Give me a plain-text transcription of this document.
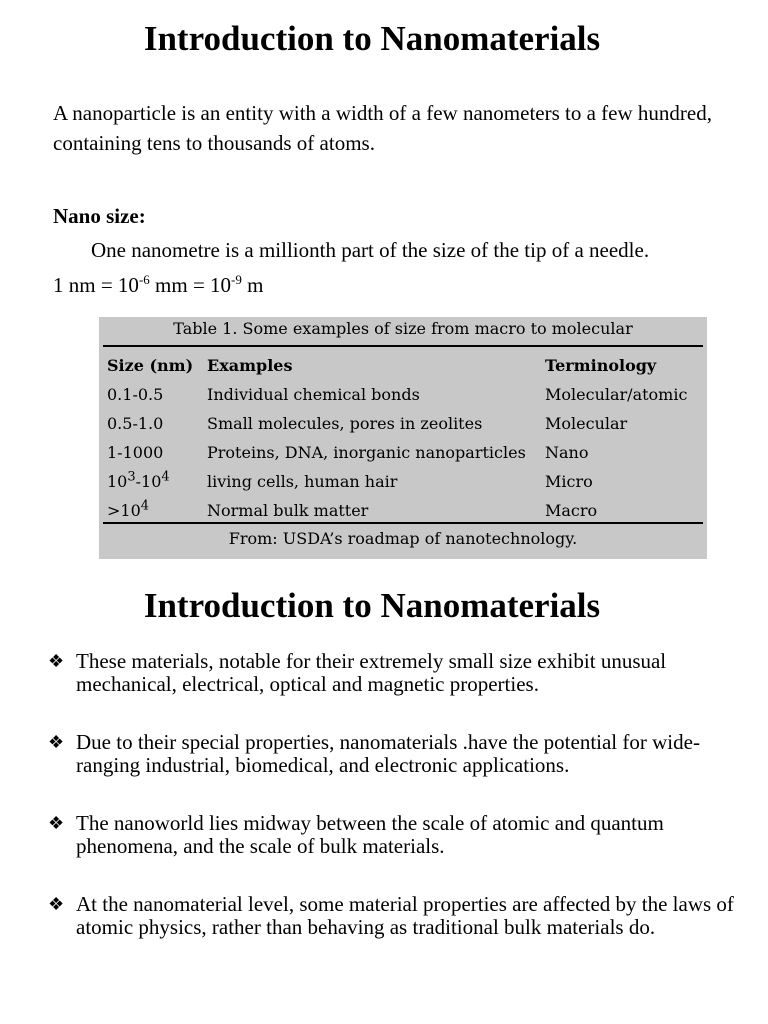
Introduction to Nanomaterials

A nanoparticle is an entity with a width of a few nanometers to a few hundred, containing tens to thousands of atoms.

Nano size:

One nanometre is a millionth part of the size of the tip of a needle.

1 nm = $10^{-6}$ mm = $10^{-9}$ m

Table 1. Some examples of size from macro to molecular
Size (nm)	Examples	Terminology
0.1-0.5	Individual chemical bonds	Molecular/atomic
0.5-1.0	Small molecules, pores in zeolites	Molecular
1-1000	Proteins, DNA, inorganic nanoparticles	Nano
$10^3-10^4$	living cells, human hair	Micro
$>10^4$	Normal bulk matter	Macro
From: USDA’s roadmap of nanotechnology.
Introduction to Nanomaterials
❖ These materials, notable for their extremely small size exhibit unusual mechanical, electrical, optical and magnetic properties.
❖ Due to their special properties, nanomaterials .have the potential for wide-ranging industrial, biomedical, and electronic applications.
❖ The nanoworld lies midway between the scale of atomic and quantum phenomena, and the scale of bulk materials.
❖ At the nanomaterial level, some material properties are affected by the laws of atomic physics, rather than behaving as traditional bulk materials do.
